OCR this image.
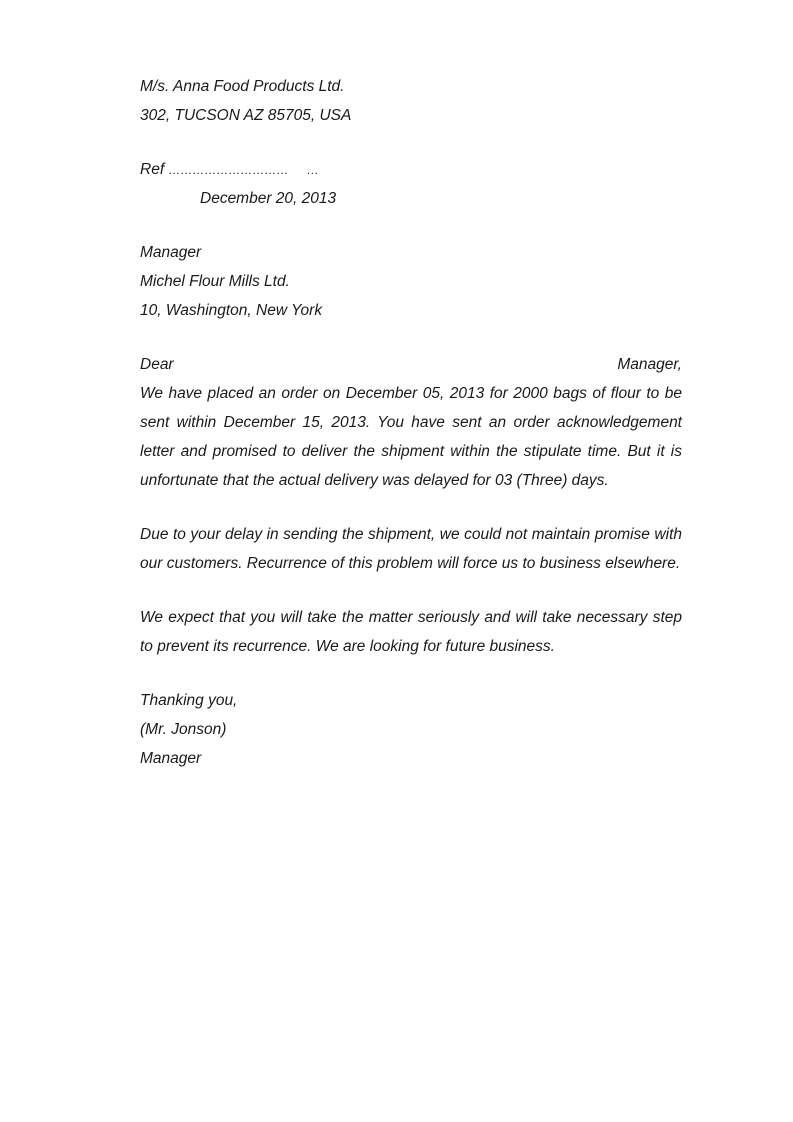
M/s. Anna Food Products Ltd.
302, TUCSON AZ 85705, USA
Ref ………………………… …
December 20, 2013
Manager
Michel Flour Mills Ltd.
10, Washington, New York
Dear	Manager,

We have placed an order on December 05, 2013 for 2000 bags of flour to be sent within December 15, 2013. You have sent an order acknowledgement letter and promised to deliver the shipment within the stipulate time. But it is unfortunate that the actual delivery was delayed for 03 (Three) days.

Due to your delay in sending the shipment, we could not maintain promise with our customers. Recurrence of this problem will force us to business elsewhere.

We expect that you will take the matter seriously and will take necessary step to prevent its recurrence. We are looking for future business.

Thanking you,
(Mr. Jonson)
Manager
